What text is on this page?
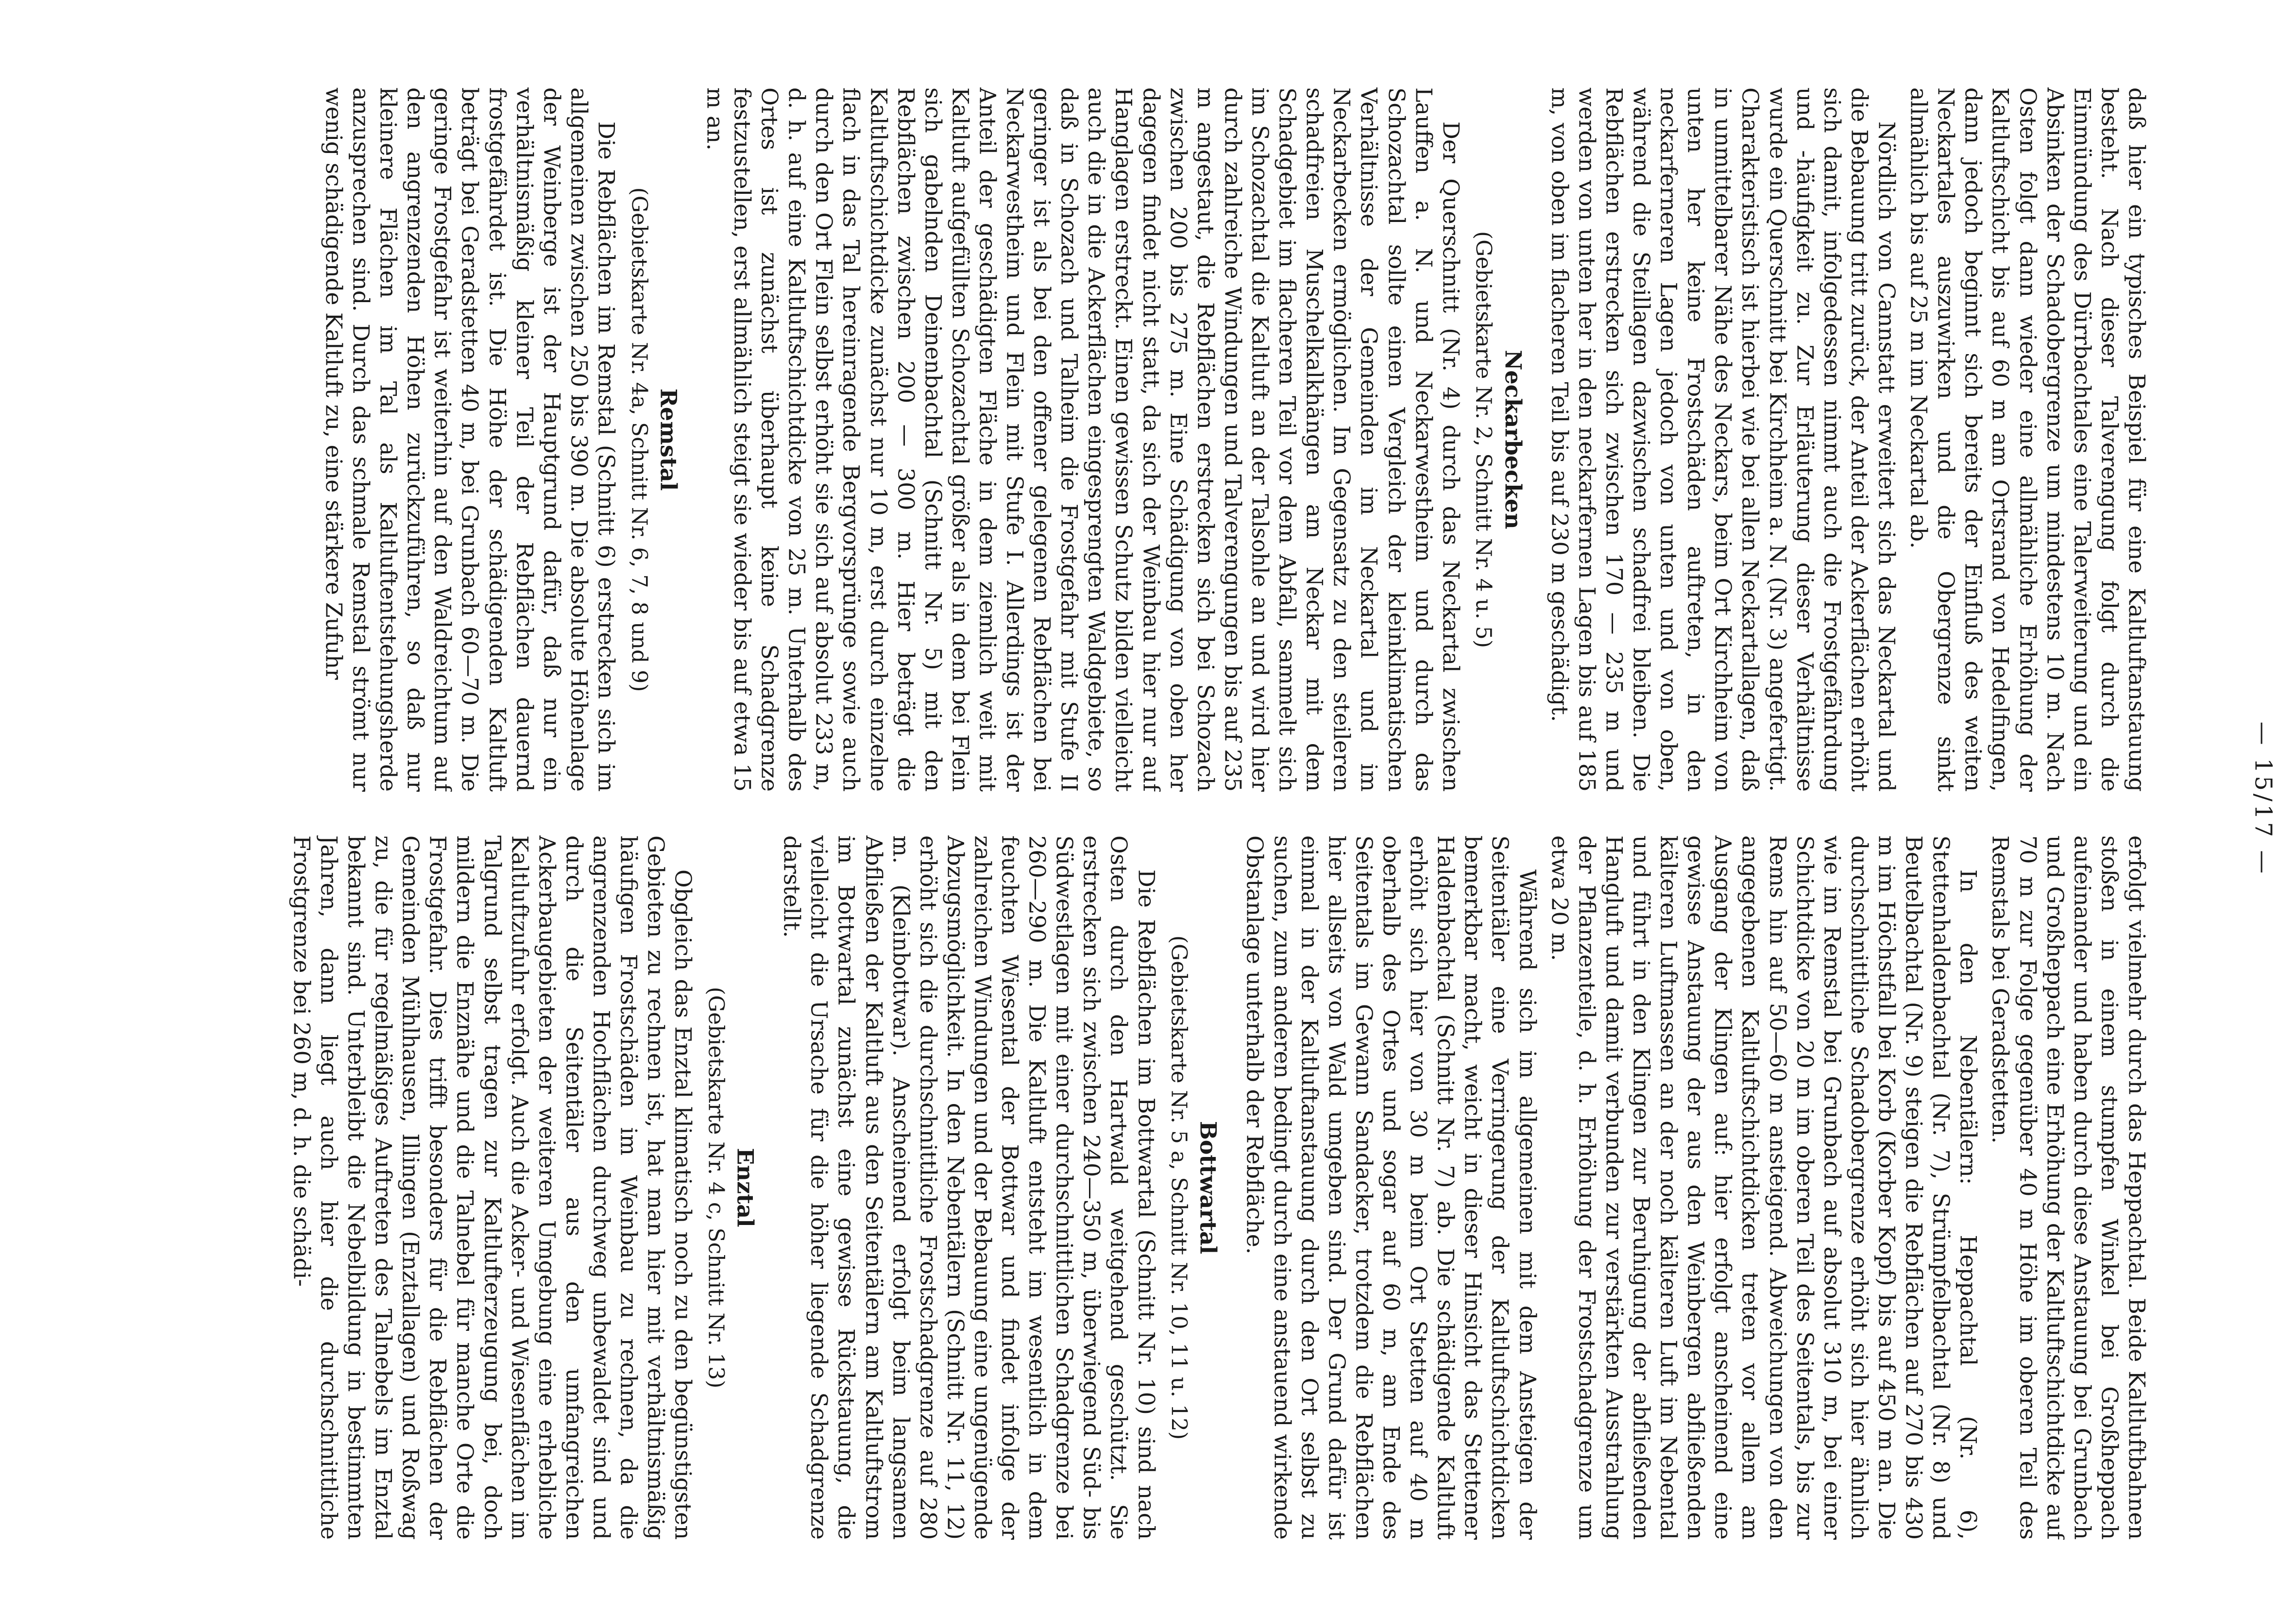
— 15/17 —

daß hier ein typisches Beispiel für eine Kaltluftanstauung besteht. Nach dieser Talverengung folgt durch die Einmündung des Dürrbachtales eine Talerweiterung und ein Absinken der Schadobergrenze um mindestens 10 m. Nach Osten folgt dann wieder eine allmähliche Erhöhung der Kaltluftschicht bis auf 60 m am Ortsrand von Hedelfingen, dann jedoch beginnt sich bereits der Einfluß des weiten Neckartales auszuwirken und die Obergrenze sinkt allmählich bis auf 25 m im Neckartal ab.

Nördlich von Cannstatt erweitert sich das Neckartal und die Bebauung tritt zurück, der Anteil der Ackerflächen erhöht sich damit, infolgedessen nimmt auch die Frostgefährdung und -häufigkeit zu. Zur Erläuterung dieser Verhältnisse wurde ein Querschnitt bei Kirchheim a. N. (Nr. 3) angefertigt. Charakteristisch ist hierbei wie bei allen Neckartallagen, daß in unmittelbarer Nähe des Neckars, beim Ort Kirchheim von unten her keine Frostschäden auftreten, in den neckarferneren Lagen jedoch von unten und von oben, während die Steillagen dazwischen schadfrei bleiben. Die Rebflächen erstrecken sich zwischen 170 — 235 m und werden von unten her in den neckarfernen Lagen bis auf 185 m, von oben im flacheren Teil bis auf 230 m geschädigt.

Neckarbecken
(Gebietskarte Nr. 2, Schnitt Nr. 4 u. 5)

Der Querschnitt (Nr. 4) durch das Neckartal zwischen Lauffen a. N. und Neckarwestheim und durch das Schozachtal sollte einen Vergleich der kleinklimatischen Verhältnisse der Gemeinden im Neckartal und im Neckarbecken ermöglichen. Im Gegensatz zu den steileren schadfreien Muschelkalkhängen am Neckar mit dem Schadgebiet im flacheren Teil vor dem Abfall, sammelt sich im Schozachtal die Kaltluft an der Talsohle an und wird hier durch zahlreiche Windungen und Talverengungen bis auf 235 m angestaut, die Rebflächen erstrecken sich bei Schozach zwischen 200 bis 275 m. Eine Schädigung von oben her dagegen findet nicht statt, da sich der Weinbau hier nur auf Hanglagen erstreckt. Einen gewissen Schutz bilden vielleicht auch die in die Ackerflächen eingesprengten Waldgebiete, so daß in Schozach und Talheim die Frostgefahr mit Stufe II geringer ist als bei den offener gelegenen Rebflächen bei Neckarwestheim und Flein mit Stufe I. Allerdings ist der Anteil der geschädigten Fläche in dem ziemlich weit mit Kaltluft aufgefüllten Schozachtal größer als in dem bei Flein sich gabelnden Deinenbachtal (Schnitt Nr. 5) mit den Rebflächen zwischen 200 — 300 m. Hier beträgt die Kaltluftschichtdicke zunächst nur 10 m, erst durch einzelne flach in das Tal hereinragende Bergvorsprünge sowie auch durch den Ort Flein selbst erhöht sie sich auf absolut 233 m, d. h. auf eine Kaltluftschichtdicke von 25 m. Unterhalb des Ortes ist zunächst überhaupt keine Schadgrenze festzustellen, erst allmählich steigt sie wieder bis auf etwa 15 m an.

Remstal
(Gebietskarte Nr. 4a, Schnitt Nr. 6, 7, 8 und 9)

Die Rebflächen im Remstal (Schnitt 6) erstrecken sich im allgemeinen zwischen 250 bis 390 m. Die absolute Höhenlage der Weinberge ist der Hauptgrund dafür, daß nur ein verhältnismäßig kleiner Teil der Rebflächen dauernd frostgefährdet ist. Die Höhe der schädigenden Kaltluft beträgt bei Geradstetten 40 m, bei Grunbach 60—70 m. Die geringe Frostgefahr ist weiterhin auf den Waldreichtum auf den angrenzenden Höhen zurückzuführen, so daß nur kleinere Flächen im Tal als Kaltluftentstehungsherde anzusprechen sind. Durch das schmale Remstal strömt nur wenig schädigende Kaltluft zu, eine stärkere Zufuhr

erfolgt vielmehr durch das Heppachtal. Beide Kaltluftbahnen stoßen in einem stumpfen Winkel bei Großheppach aufeinander und haben durch diese Anstauung bei Grunbach und Großheppach eine Erhöhung der Kaltluftschichtdicke auf 70 m zur Folge gegenüber 40 m Höhe im oberen Teil des Remstals bei Geradstetten.

In den Nebentälern: Heppachtal (Nr. 6), Stettenhaldenbachtal (Nr. 7), Strümpfelbachtal (Nr. 8) und Beutelbachtal (Nr. 9) steigen die Rebflächen auf 270 bis 430 m im Höchstfall bei Korb (Korber Kopf) bis auf 450 m an. Die durchschnittliche Schadobergrenze erhöht sich hier ähnlich wie im Remstal bei Grunbach auf absolut 310 m, bei einer Schichtdicke von 20 m im oberen Teil des Seitentals, bis zur Rems hin auf 50—60 m ansteigend. Abweichungen von den angegebenen Kaltluftschichtdicken treten vor allem am Ausgang der Klingen auf: hier erfolgt anscheinend eine gewisse Anstauung der aus den Weinbergen abfließenden kälteren Luftmassen an der noch kälteren Luft im Nebental und führt in den Klingen zur Beruhigung der abfließenden Hangluft und damit verbunden zur verstärkten Ausstrahlung der Pflanzenteile, d. h. Erhöhung der Frostschadgrenze um etwa 20 m.

Während sich im allgemeinen mit dem Ansteigen der Seitentäler eine Verringerung der Kaltluftschichtdicken bemerkbar macht, weicht in dieser Hinsicht das Stettener Haldenbachtal (Schnitt Nr. 7) ab. Die schädigende Kaltluft erhöht sich hier von 30 m beim Ort Stetten auf 40 m oberhalb des Ortes und sogar auf 60 m, am Ende des Seitentals im Gewann Sandacker, trotzdem die Rebflächen hier allseits von Wald umgeben sind. Der Grund dafür ist einmal in der Kaltluftanstauung durch den Ort selbst zu suchen, zum anderen bedingt durch eine anstauend wirkende Obstanlage unterhalb der Rebfläche.

Bottwartal
(Gebietskarte Nr. 5 a, Schnitt Nr. 10, 11 u. 12)

Die Rebflächen im Bottwartal (Schnitt Nr. 10) sind nach Osten durch den Hartwald weitgehend geschützt. Sie erstrecken sich zwischen 240—350 m, überwiegend Süd- bis Südwestlagen mit einer durchschnittlichen Schadgrenze bei 260—290 m. Die Kaltluft entsteht im wesentlich in dem feuchten Wiesental der Bottwar und findet infolge der zahlreichen Windungen und der Bebauung eine ungenügende Abzugsmöglichkeit. In den Nebentälern (Schnitt Nr. 11, 12) erhöht sich die durchschnittliche Frostschadgrenze auf 280 m. (Kleinbottwar). Anscheinend erfolgt beim langsamen Abfließen der Kaltluft aus den Seitentälern am Kaltluftstrom im Bottwartal zunächst eine gewisse Rückstauung, die vielleicht die Ursache für die höher liegende Schadgrenze darstellt.

Enztal
(Gebietskarte Nr. 4 c, Schnitt Nr. 13)

Obgleich das Enztal klimatisch noch zu den begünstigsten Gebieten zu rechnen ist, hat man hier mit verhältnismäßig häufigen Frostschäden im Weinbau zu rechnen, da die angrenzenden Hochflächen durchweg unbewaldet sind und durch die Seitentäler aus den umfangreichen Ackerbaugebieten der weiteren Umgebung eine erhebliche Kaltluftzufuhr erfolgt. Auch die Acker- und Wiesenflächen im Talgrund selbst tragen zur Kaltlufterzeugung bei, doch mildern die Enznähe und die Talnebel für manche Orte die Frostgefahr. Dies trifft besonders für die Rebflächen der Gemeinden Mühlhausen, Illingen (Enztallagen) und Roßwag zu, die für regelmäßiges Auftreten des Talnebels im Enztal bekannt sind. Unterbleibt die Nebelbildung in bestimmten Jahren, dann liegt auch hier die durchschnittliche Frostgrenze bei 260 m, d. h. die schädi-
